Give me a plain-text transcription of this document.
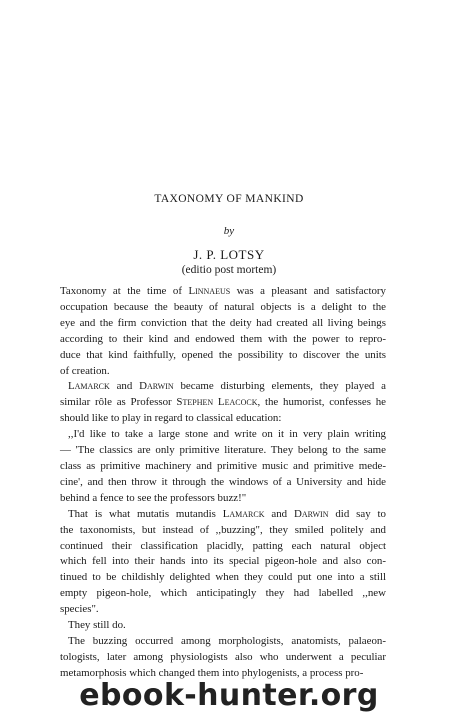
TAXONOMY OF MANKIND
by
J. P. LOTSY
(editio post mortem)

Taxonomy at the time of Linnaeus was a pleasant and satisfactory
occupation because the beauty of natural objects is a delight to the
eye and the firm conviction that the deity had created all living beings
according to their kind and endowed them with the power to repro-
duce that kind faithfully, opened the possibility to discover the units
of creation.

Lamarck and Darwin became disturbing elements, they played a
similar rôle as Professor Stephen Leacock, the humorist, confesses he
should like to play in regard to classical education:

,,I'd like to take a large stone and write on it in very plain writing
— 'The classics are only primitive literature. They belong to the same
class as primitive machinery and primitive music and primitive mede-
cine', and then throw it through the windows of a University and hide
behind a fence to see the professors buzz!"

That is what mutatis mutandis Lamarck and Darwin did say to
the taxonomists, but instead of ,,buzzing", they smiled politely and
continued their classification placidly, patting each natural object
which fell into their hands into its special pigeon-hole and also con-
tinued to be childishly delighted when they could put one into a still
empty pigeon-hole, which anticipatingly they had labelled ,,new
species".

They still do.

The buzzing occurred among morphologists, anatomists, palaeon-
tologists, later among physiologists also who underwent a peculiar
metamorphosis which changed them into phylogenists, a process pro-

ebook-hunter.org
